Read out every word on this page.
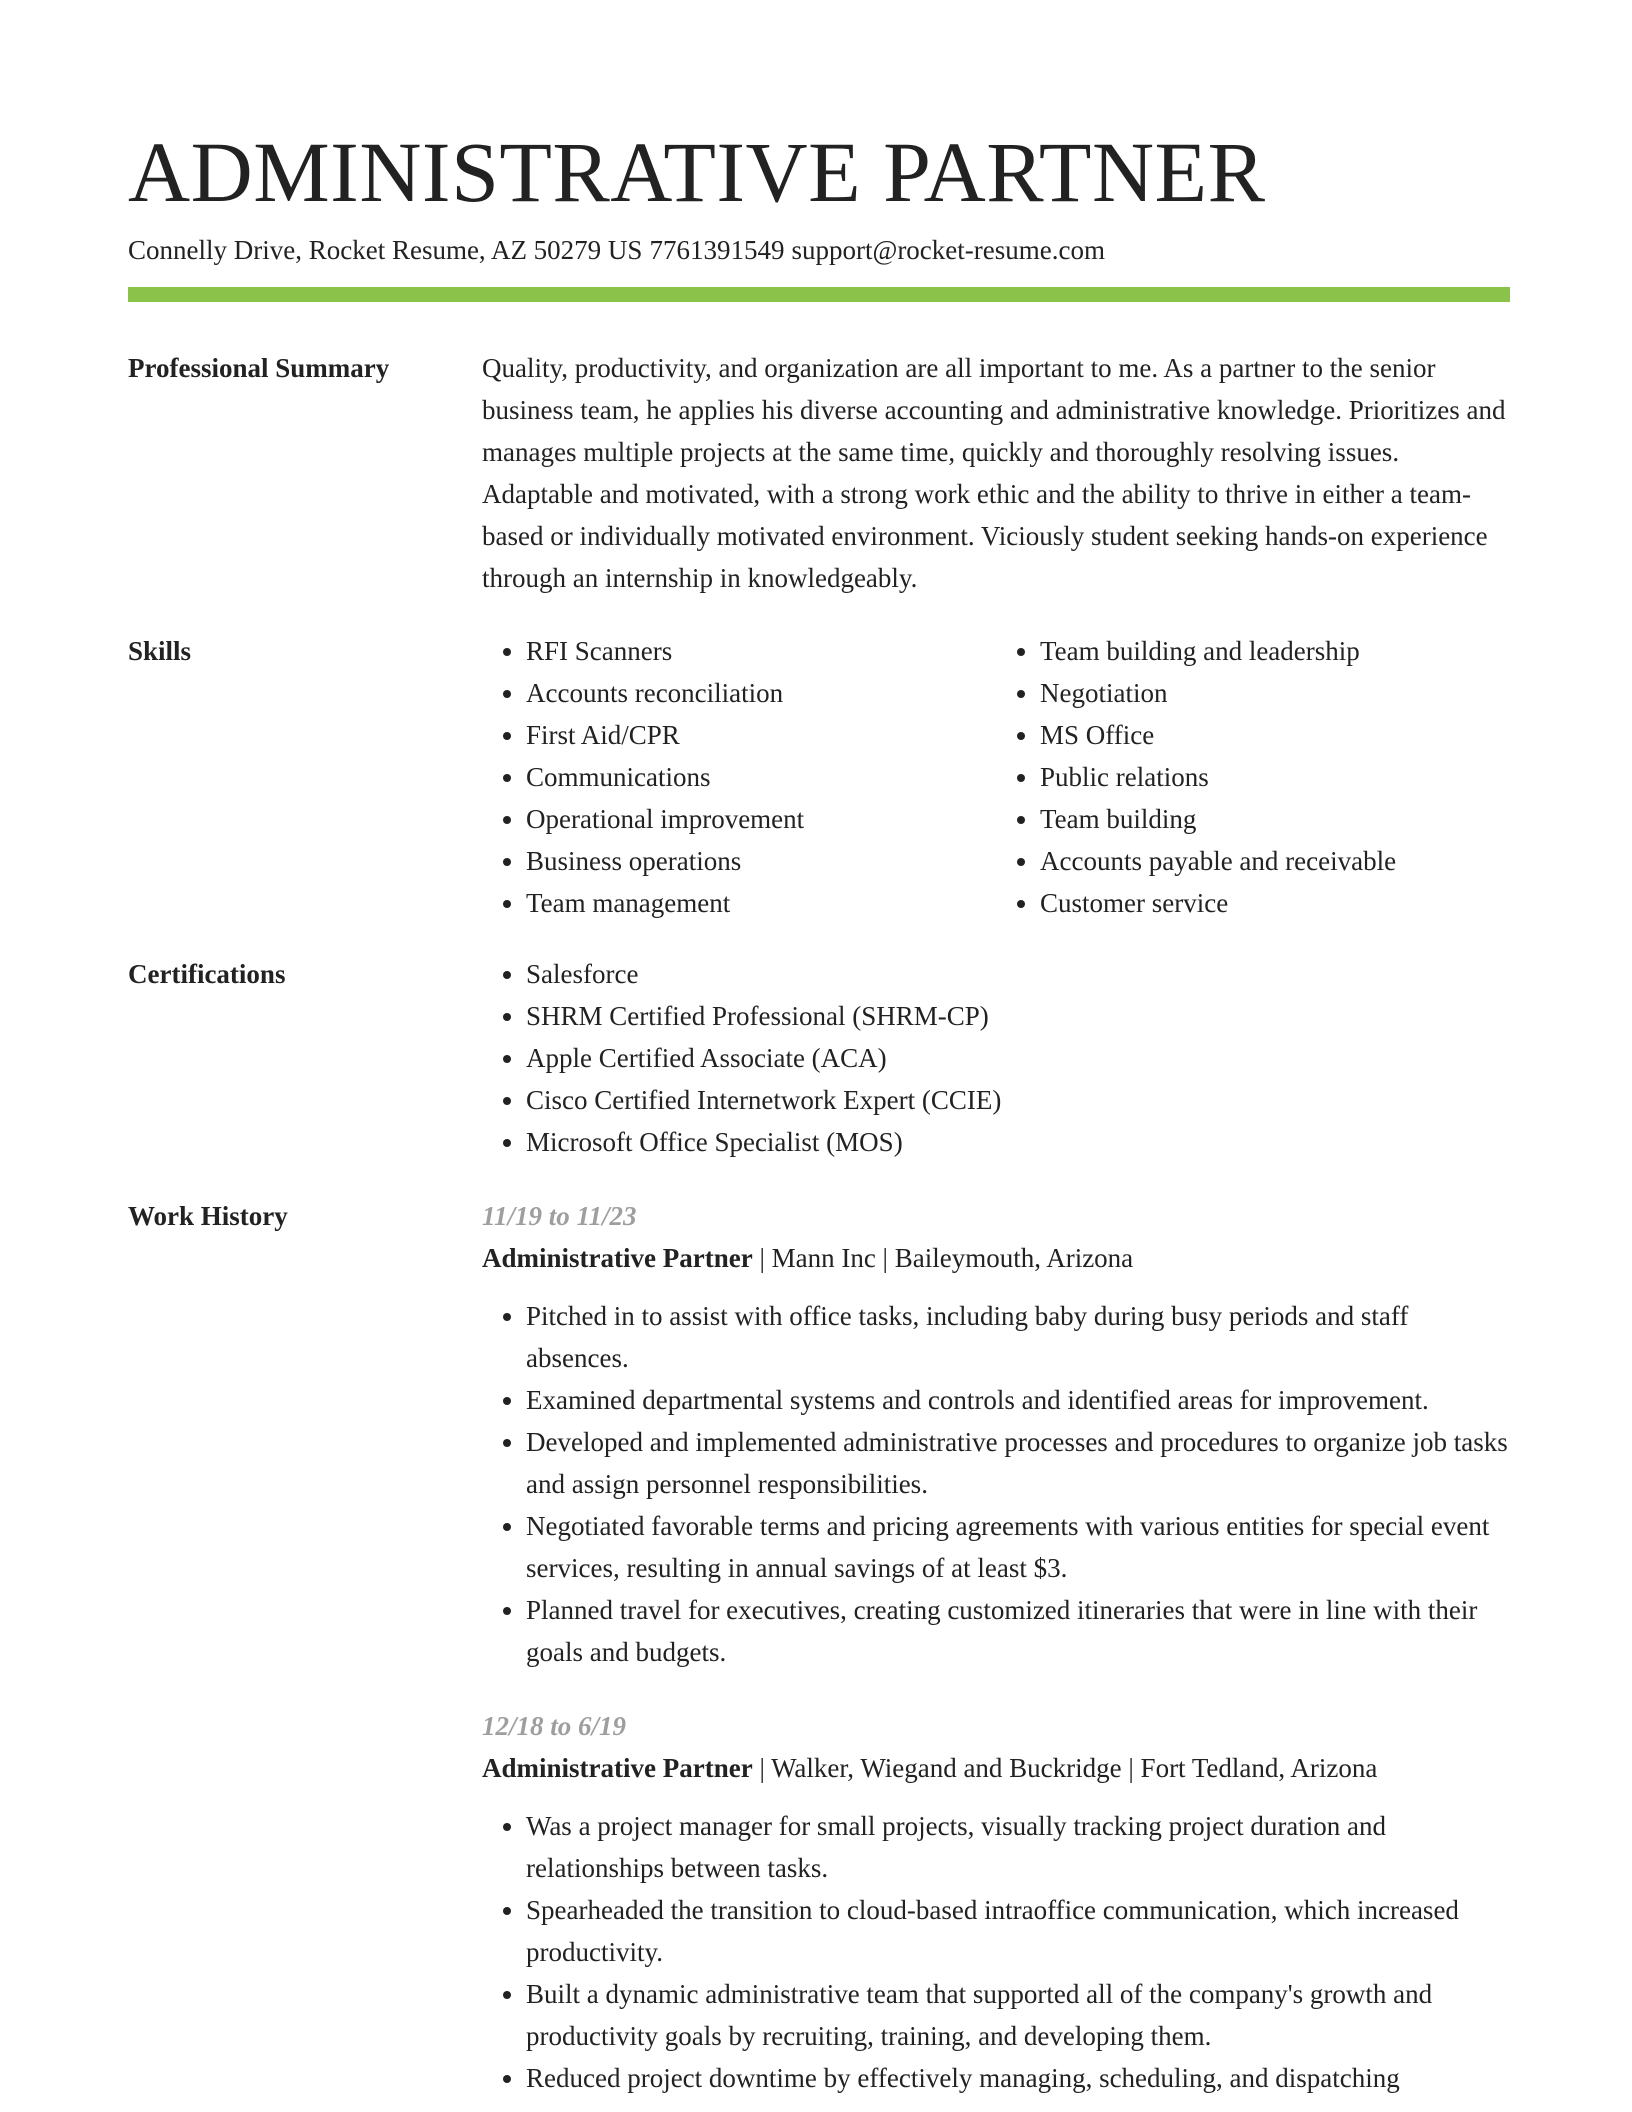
ADMINISTRATIVE PARTNER
Connelly Drive, Rocket Resume, AZ 50279 US 7761391549 support@rocket-resume.com
Professional Summary	Quality, productivity, and organization are all important to me. As a partner to the senior business team, he applies his diverse accounting and administrative knowledge. Prioritizes and manages multiple projects at the same time, quickly and thoroughly resolving issues. Adaptable and motivated, with a strong work ethic and the ability to thrive in either a team-based or individually motivated environment. Viciously student seeking hands-on experience through an internship in knowledgeably.

Skills	• RFI Scanners
• Accounts reconciliation
• First Aid/CPR
• Communications
• Operational improvement
• Business operations
• Team management
• Team building and leadership
• Negotiation
• MS Office
• Public relations
• Team building
• Accounts payable and receivable
• Customer service
Certifications	• Salesforce
• SHRM Certified Professional (SHRM-CP)
• Apple Certified Associate (ACA)
• Cisco Certified Internetwork Expert (CCIE)
• Microsoft Office Specialist (MOS)
Work History	11/19 to 11/23
Administrative Partner | Mann Inc | Baileymouth, Arizona
• Pitched in to assist with office tasks, including baby during busy periods and staff absences.
• Examined departmental systems and controls and identified areas for improvement.
• Developed and implemented administrative processes and procedures to organize job tasks and assign personnel responsibilities.
• Negotiated favorable terms and pricing agreements with various entities for special event services, resulting in annual savings of at least $3.
• Planned travel for executives, creating customized itineraries that were in line with their goals and budgets.
12/18 to 6/19
Administrative Partner | Walker, Wiegand and Buckridge | Fort Tedland, Arizona
• Was a project manager for small projects, visually tracking project duration and relationships between tasks.
• Spearheaded the transition to cloud-based intraoffice communication, which increased productivity.
• Built a dynamic administrative team that supported all of the company's growth and productivity goals by recruiting, training, and developing them.
• Reduced project downtime by effectively managing, scheduling, and dispatching
